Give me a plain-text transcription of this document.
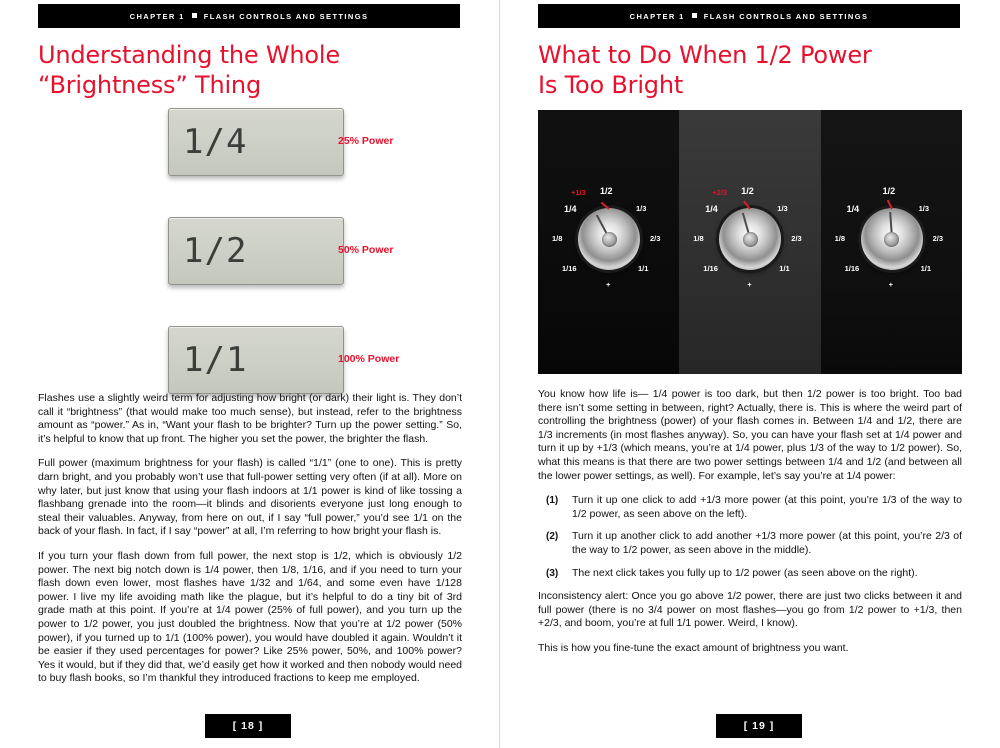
CHAPTER 1	FLASH CONTROLS AND SETTINGS
Understanding the Whole
“Brightness” Thing
1/4	25% Power
1/2	50% Power
1/1	100% Power

Flashes use a slightly weird term for adjusting how bright (or dark) their light is. They don’t call it “brightness” (that would make too much sense), but instead, refer to the brightness amount as “power.” As in, “Want your flash to be brighter? Turn up the power setting.” So, it’s helpful to know that up front. The higher you set the power, the brighter the flash.

Full power (maximum brightness for your flash) is called “1/1” (one to one). This is pretty darn bright, and you probably won’t use that full-power setting very often (if at all). More on why later, but just know that using your flash indoors at 1/1 power is kind of like tossing a flashbang grenade into the room—it blinds and disorients everyone just long enough to steal their valuables. Anyway, from here on out, if I say “full power,” you’d see 1/1 on the back of your flash. In fact, if I say “power” at all, I’m referring to how bright your flash is.

If you turn your flash down from full power, the next stop is 1/2, which is obviously 1/2 power. The next big notch down is 1/4 power, then 1/8, 1/16, and if you need to turn your flash down even lower, most flashes have 1/32 and 1/64, and some even have 1/128 power. I live my life avoiding math like the plague, but it’s helpful to do a tiny bit of 3rd grade math at this point. If you’re at 1/4 power (25% of full power), and you turn up the power to 1/2 power, you just doubled the brightness. Now that you’re at 1/2 power (50% power), if you turned up to 1/1 (100% power), you would have doubled it again. Wouldn’t it be easier if they used percentages for power? Like 25% power, 50%, and 100% power? Yes it would, but if they did that, we’d easily get how it worked and then nobody would need to buy flash books, so I’m thankful they introduced fractions to keep me employed.

[ 18 ]
CHAPTER 1	FLASH CONTROLS AND SETTINGS
What to Do When 1/2 Power
Is Too Bright
1/2
1/3
2/3
1/1
+
1/16
1/8
1/4
+1/3	1/2
1/3
2/3
1/1
+
1/16
1/8
1/4
+2/3	1/2
1/3
2/3
1/1
+
1/16
1/8
1/4

You know how life is— 1/4 power is too dark, but then 1/2 power is too bright. Too bad there isn’t some setting in between, right? Actually, there is. This is where the weird part of controlling the brightness (power) of your flash comes in. Between 1/4 and 1/2, there are 1/3 increments (in most flashes anyway). So, you can have your flash set at 1/4 power and turn it up by +1/3 (which means, you’re at 1/4 power, plus 1/3 of the way to 1/2 power). So, what this means is that there are two power settings between 1/4 and 1/2 (and between all the lower power settings, as well). For example, let’s say you’re at 1/4 power:

(1) Turn it up one click to add +1/3 more power (at this point, you’re 1/3 of the way to 1/2 power, as seen above on the left).
(2) Turn it up another click to add another +1/3 more power (at this point, you’re 2/3 of the way to 1/2 power, as seen above in the middle).
(3) The next click takes you fully up to 1/2 power (as seen above on the right).

Inconsistency alert: Once you go above 1/2 power, there are just two clicks between it and full power (there is no 3/4 power on most flashes—you go from 1/2 power to +1/3, then +2/3, and boom, you’re at full 1/1 power. Weird, I know).

This is how you fine-tune the exact amount of brightness you want.

[ 19 ]
